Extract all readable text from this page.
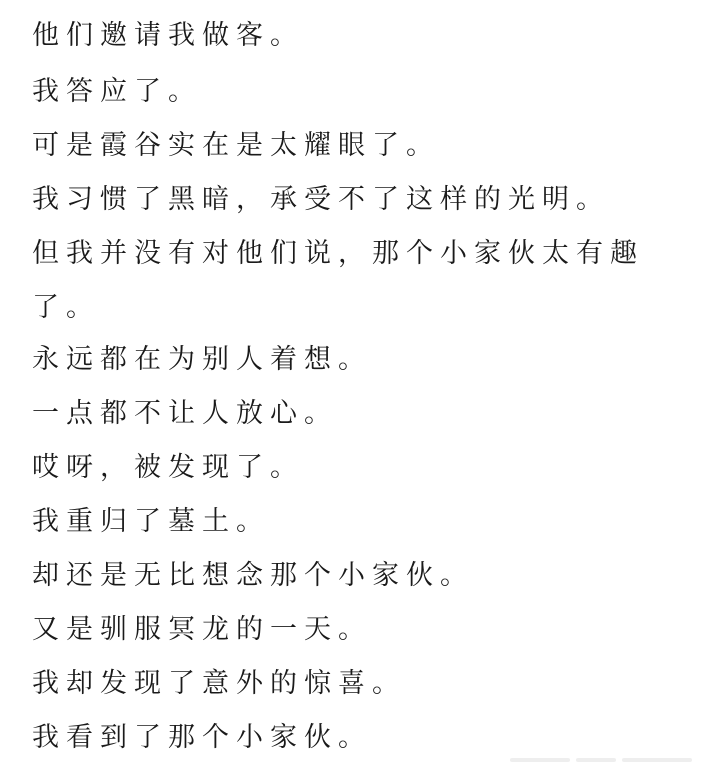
他们邀请我做客。

我答应了。

可是霞谷实在是太耀眼了。

我习惯了黑暗，承受不了这样的光明。

但我并没有对他们说，那个小家伙太有趣

了。

永远都在为别人着想。

一点都不让人放心。

哎呀，被发现了。

我重归了墓土。

却还是无比想念那个小家伙。

又是驯服冥龙的一天。

我却发现了意外的惊喜。

我看到了那个小家伙。
